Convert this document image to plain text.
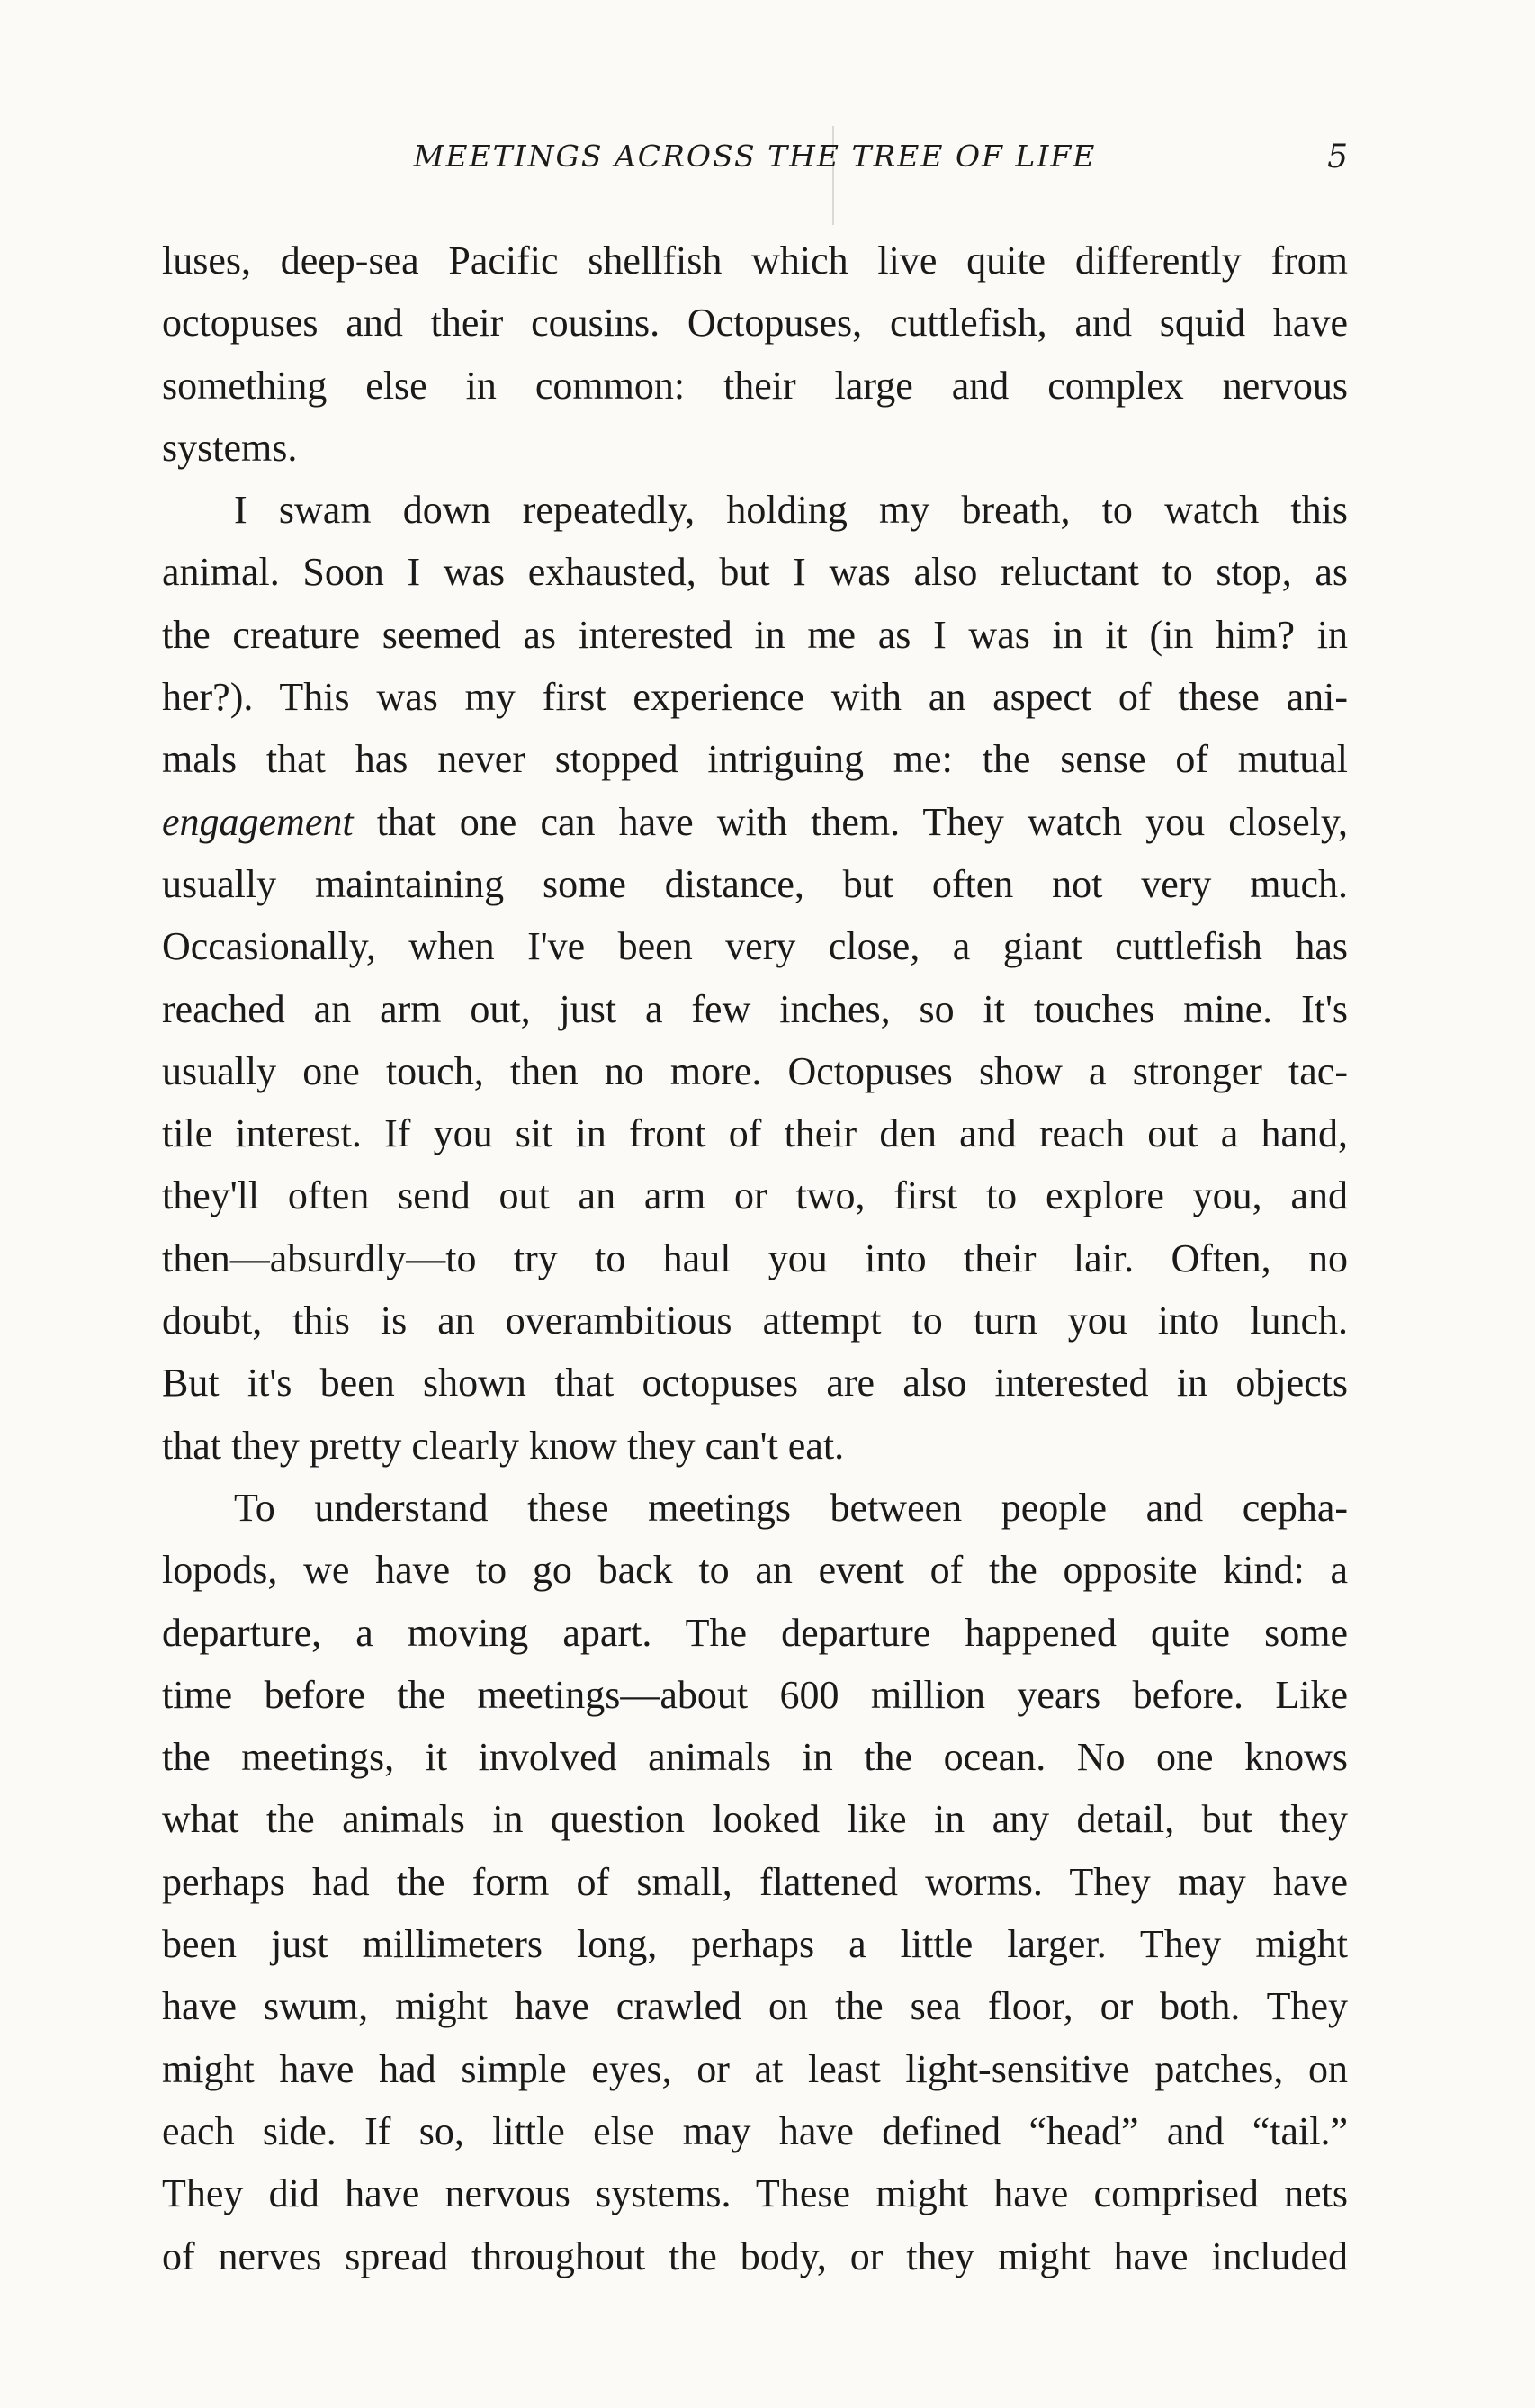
MEETINGS ACROSS THE TREE OF LIFE	5
luses, deep-sea Pacific shellfish which live quite differently from
octopuses and their cousins. Octopuses, cuttlefish, and squid have
something else in common: their large and complex nervous
systems.
I swam down repeatedly, holding my breath, to watch this
animal. Soon I was exhausted, but I was also reluctant to stop, as
the creature seemed as interested in me as I was in it (in him? in
her?). This was my first experience with an aspect of these ani-
mals that has never stopped intriguing me: the sense of mutual
engagement that one can have with them. They watch you closely,
usually maintaining some distance, but often not very much.
Occasionally, when I've been very close, a giant cuttlefish has
reached an arm out, just a few inches, so it touches mine. It's
usually one touch, then no more. Octopuses show a stronger tac-
tile interest. If you sit in front of their den and reach out a hand,
they'll often send out an arm or two, first to explore you, and
then—absurdly—to try to haul you into their lair. Often, no
doubt, this is an overambitious attempt to turn you into lunch.
But it's been shown that octopuses are also interested in objects
that they pretty clearly know they can't eat.
To understand these meetings between people and cepha-
lopods, we have to go back to an event of the opposite kind: a
departure, a moving apart. The departure happened quite some
time before the meetings—about 600 million years before. Like
the meetings, it involved animals in the ocean. No one knows
what the animals in question looked like in any detail, but they
perhaps had the form of small, flattened worms. They may have
been just millimeters long, perhaps a little larger. They might
have swum, might have crawled on the sea floor, or both. They
might have had simple eyes, or at least light-sensitive patches, on
each side. If so, little else may have defined “head” and “tail.”
They did have nervous systems. These might have comprised nets
of nerves spread throughout the body, or they might have included
